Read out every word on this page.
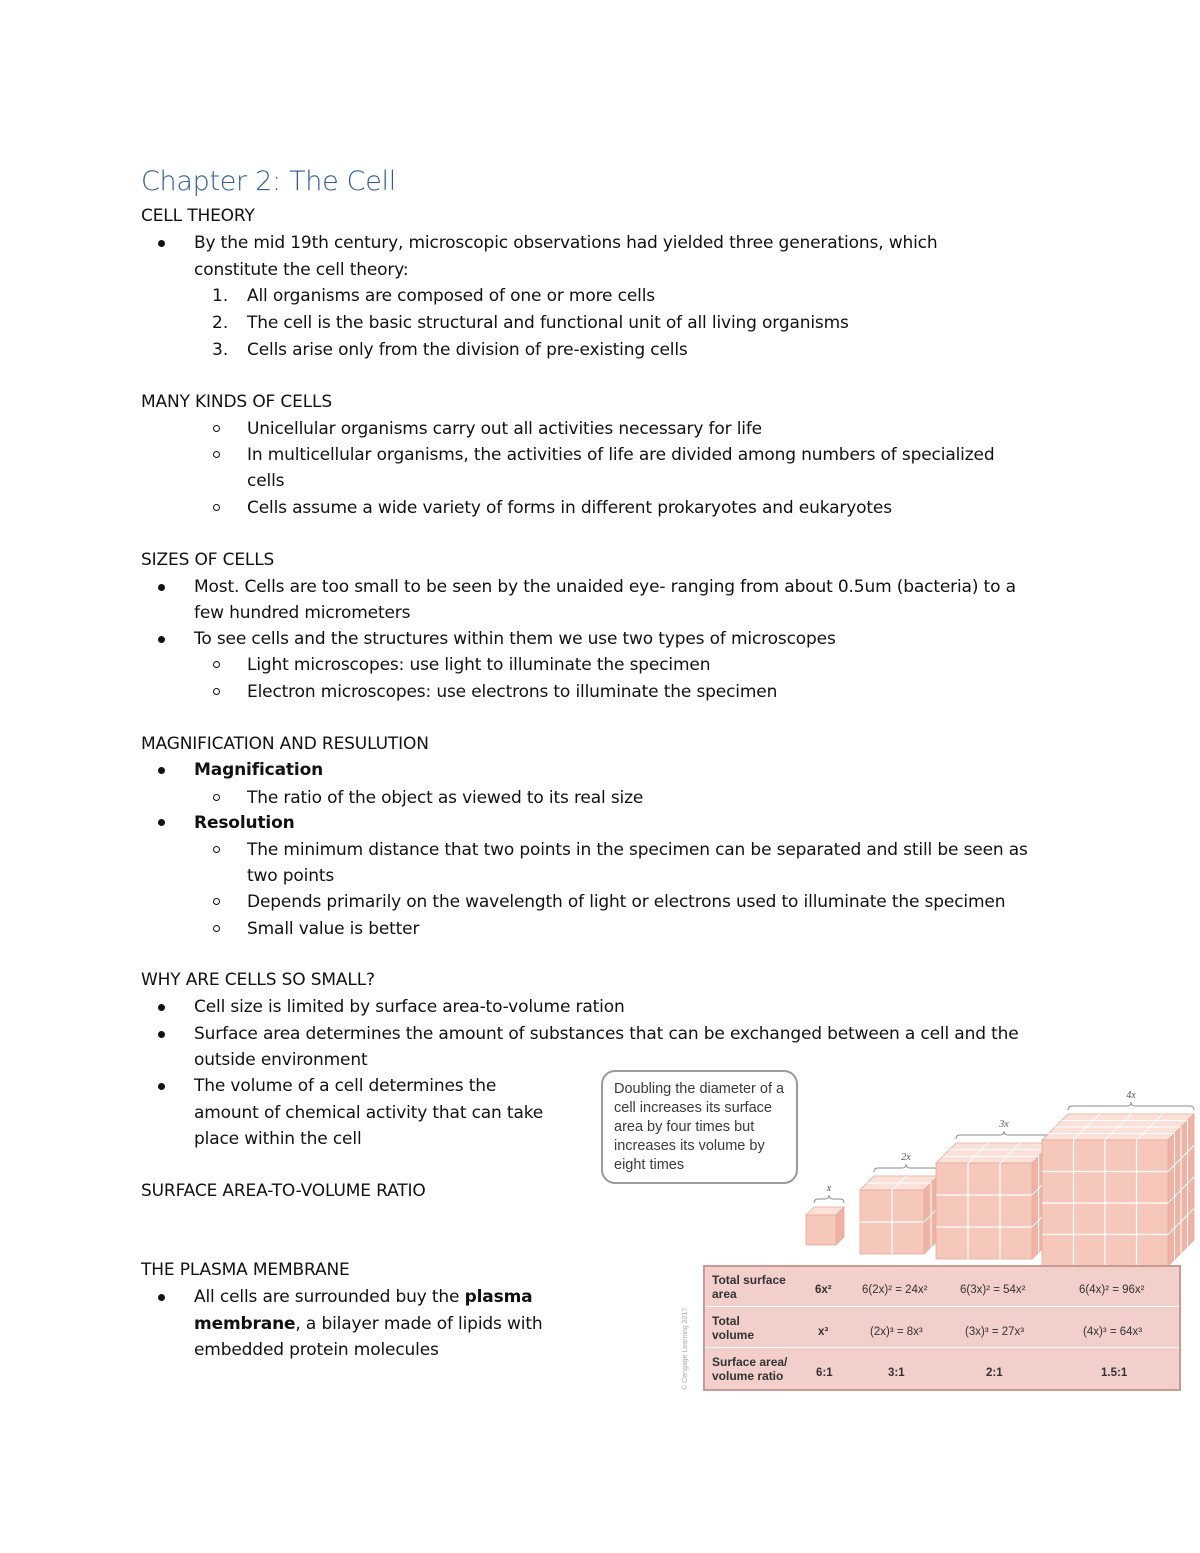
Chapter 2: The Cell
CELL THEORY
By the mid 19th century, microscopic observations had yielded three generations, which
constitute the cell theory:
1. All organisms are composed of one or more cells
2. The cell is the basic structural and functional unit of all living organisms
3. Cells arise only from the division of pre-existing cells
MANY KINDS OF CELLS
Unicellular organisms carry out all activities necessary for life
In multicellular organisms, the activities of life are divided among numbers of specialized
cells
Cells assume a wide variety of forms in different prokaryotes and eukaryotes
SIZES OF CELLS
Most. Cells are too small to be seen by the unaided eye- ranging from about 0.5um (bacteria) to a
few hundred micrometers
To see cells and the structures within them we use two types of microscopes
Light microscopes: use light to illuminate the specimen
Electron microscopes: use electrons to illuminate the specimen
MAGNIFICATION AND RESULUTION
Magnification
The ratio of the object as viewed to its real size
Resolution
The minimum distance that two points in the specimen can be separated and still be seen as
two points
Depends primarily on the wavelength of light or electrons used to illuminate the specimen
Small value is better
WHY ARE CELLS SO SMALL?
Cell size is limited by surface area-to-volume ration
Surface area determines the amount of substances that can be exchanged between a cell and the
outside environment
The volume of a cell determines the
amount of chemical activity that can take
place within the cell
SURFACE AREA-TO-VOLUME RATIO
THE PLASMA MEMBRANE
All cells are surrounded buy the plasma
membrane, a bilayer made of lipids with
embedded protein molecules
Doubling the diameter of a cell increases its surface area by four times but increases its volume by eight times
x
2x
3x
4x
© Cengage Learning 2017
Total surface
area	6x²	6(2x)² = 24x²	6(3x)² = 54x²	6(4x)² = 96x²
Total
volume	x³	(2x)³ = 8x³	(3x)³ = 27x³	(4x)³ = 64x³
Surface area/
volume ratio	6:1	3:1	2:1	1.5:1
